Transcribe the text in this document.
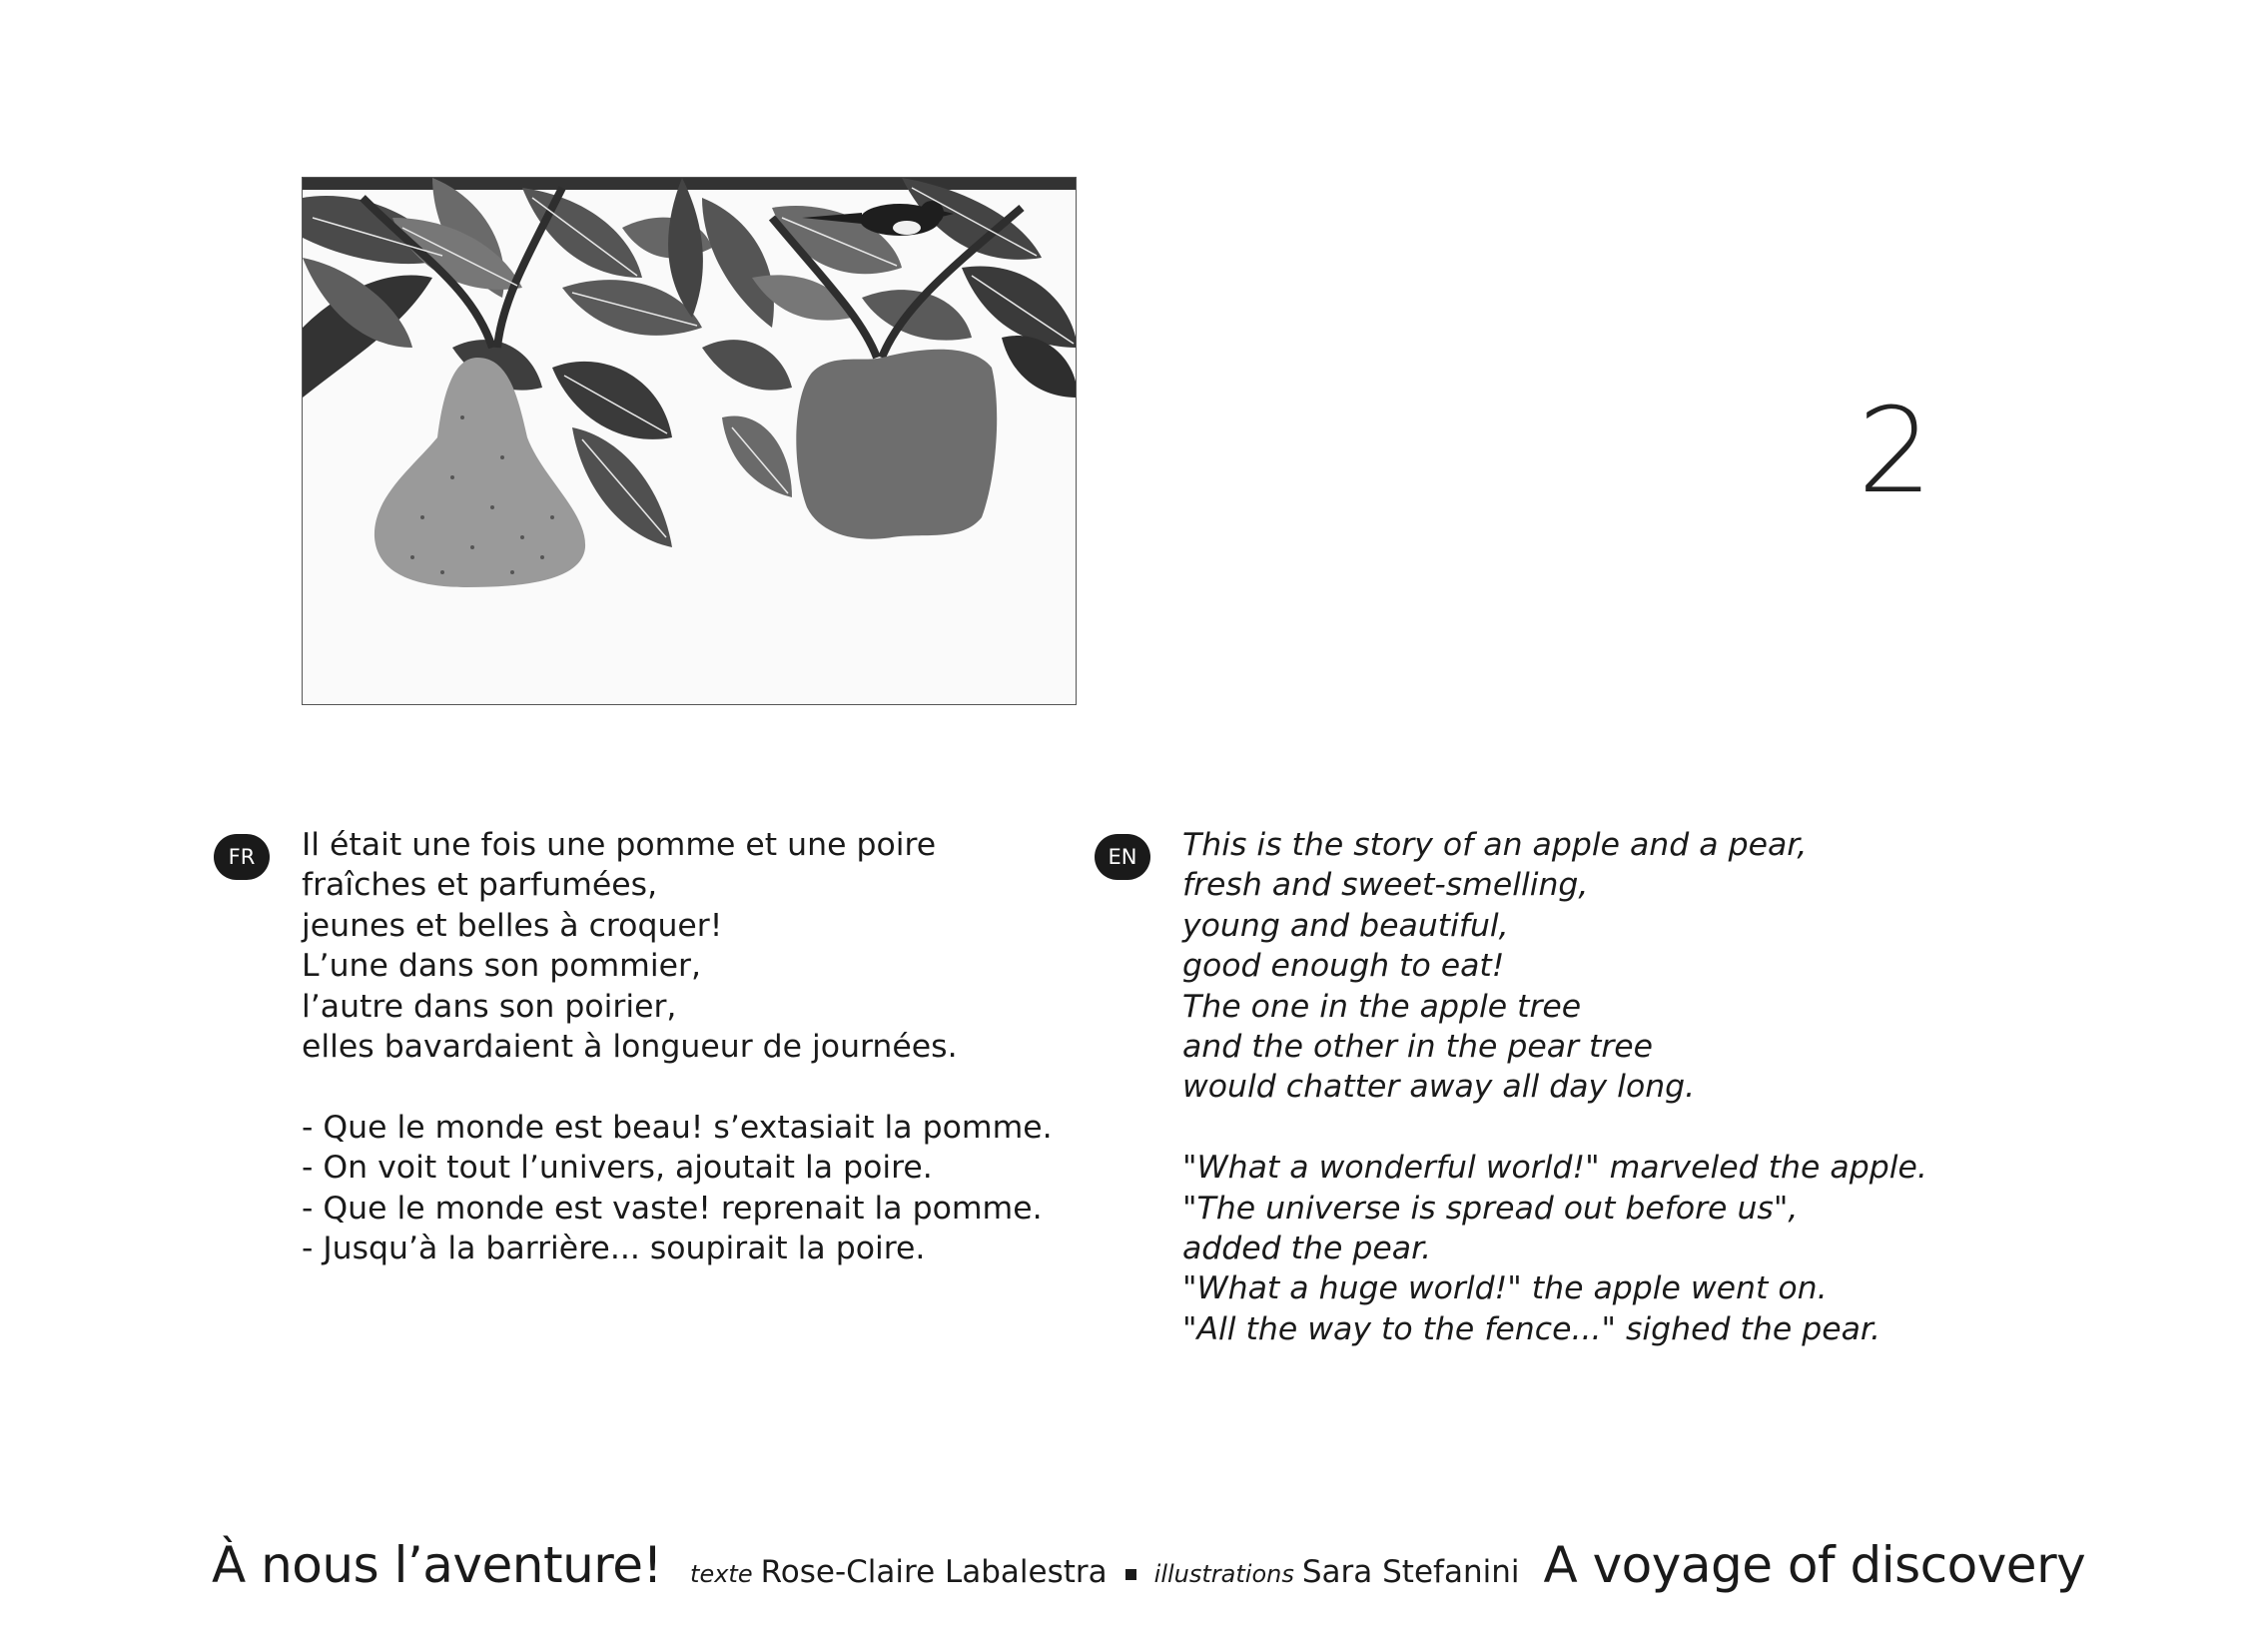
2
FR	EN
Il était une fois une pomme et une poire
fraîches et parfumées,
jeunes et belles à croquer!
L’une dans son pommier,
l’autre dans son poirier,
elles bavardaient à longueur de journées.
- Que le monde est beau! s’extasiait la pomme.
- On voit tout l’univers, ajoutait la poire.
- Que le monde est vaste! reprenait la pomme.
- Jusqu’à la barrière... soupirait la poire.
This is the story of an apple and a pear,
fresh and sweet-smelling,
young and beautiful,
good enough to eat!
The one in the apple tree
and the other in the pear tree
would chatter away all day long.
"What a wonderful world!" marveled the apple.
"The universe is spread out before us",
added the pear.
"What a huge world!" the apple went on.
"All the way to the fence..." sighed the pear.
À nous l’aventure! texte Rose-Claire Labalestra illustrations Sara Stefanini A voyage of discovery
